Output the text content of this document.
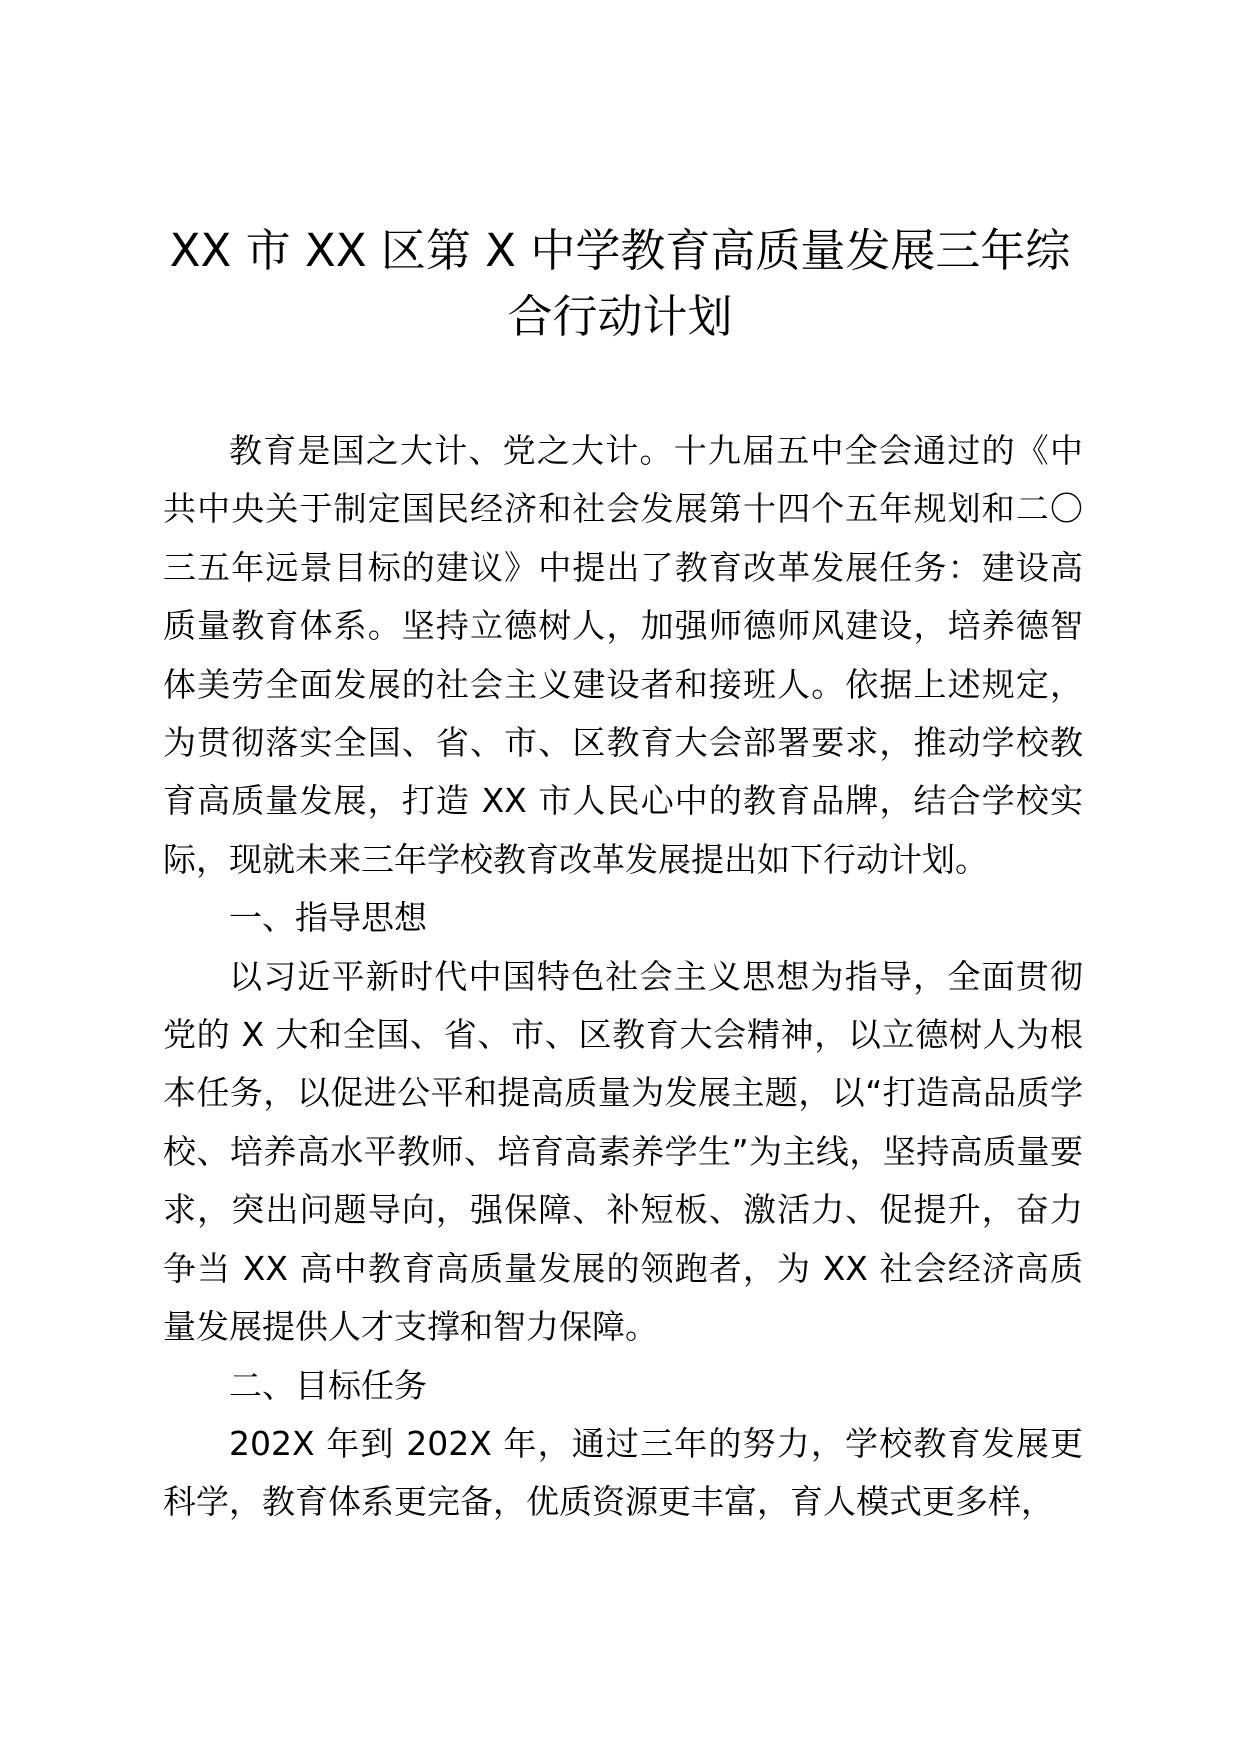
XX 市 XX 区第 X 中学教育高质量发展三年综合行动计划

教育是国之大计、党之大计。十九届五中全会通过的《中共中央关于制定国民经济和社会发展第十四个五年规划和二〇三五年远景目标的建议》中提出了教育改革发展任务：建设高质量教育体系。坚持立德树人，加强师德师风建设，培养德智体美劳全面发展的社会主义建设者和接班人。依据上述规定，为贯彻落实全国、省、市、区教育大会部署要求，推动学校教育高质量发展，打造 XX 市人民心中的教育品牌，结合学校实际，现就未来三年学校教育改革发展提出如下行动计划。

一、指导思想

以习近平新时代中国特色社会主义思想为指导，全面贯彻党的 X 大和全国、省、市、区教育大会精神，以立德树人为根本任务，以促进公平和提高质量为发展主题，以“打造高品质学校、培养高水平教师、培育高素养学生”为主线，坚持高质量要求，突出问题导向，强保障、补短板、激活力、促提升，奋力争当 XX 高中教育高质量发展的领跑者，为 XX 社会经济高质量发展提供人才支撑和智力保障。

二、目标任务

202X 年到 202X 年，通过三年的努力，学校教育发展更科学，教育体系更完备，优质资源更丰富，育人模式更多样，
